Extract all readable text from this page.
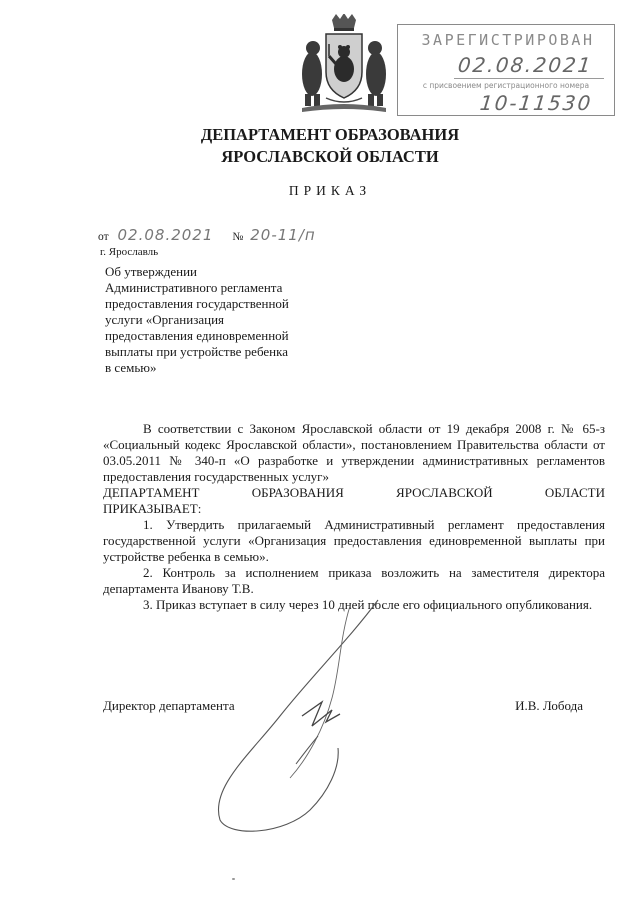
ЗАРЕГИСТРИРОВАН
02.08.2021
с присвоением регистрационного номера
10-11530
ДЕПАРТАМЕНТ ОБРАЗОВАНИЯ
ЯРОСЛАВСКОЙ ОБЛАСТИ
ПРИКАЗ
от 02.08.2021 № 20-11/п
г. Ярославль
Об утверждении
Административного регламента
предоставления государственной
услуги «Организация
предоставления единовременной
выплаты при устройстве ребенка
в семью»

В соответствии с Законом Ярославской области от 19 декабря 2008 г. № 65-з «Социальный кодекс Ярославской области», постановлением Правительства области от 03.05.2011 № 340-п «О разработке и утверждении административных регламентов предоставления государственных услуг»

ДЕПАРТАМЕНТ	ОБРАЗОВАНИЯ	ЯРОСЛАВСКОЙ	ОБЛАСТИ

ПРИКАЗЫВАЕТ:

1. Утвердить прилагаемый Административный регламент предоставления государственной услуги «Организация предоставления единовременной выплаты при устройстве ребенка в семью».

2. Контроль за исполнением приказа возложить на заместителя директора департамента Иванову Т.В.

3. Приказ вступает в силу через 10 дней после его официального опубликования.

Директор департамента	И.В. Лобода
